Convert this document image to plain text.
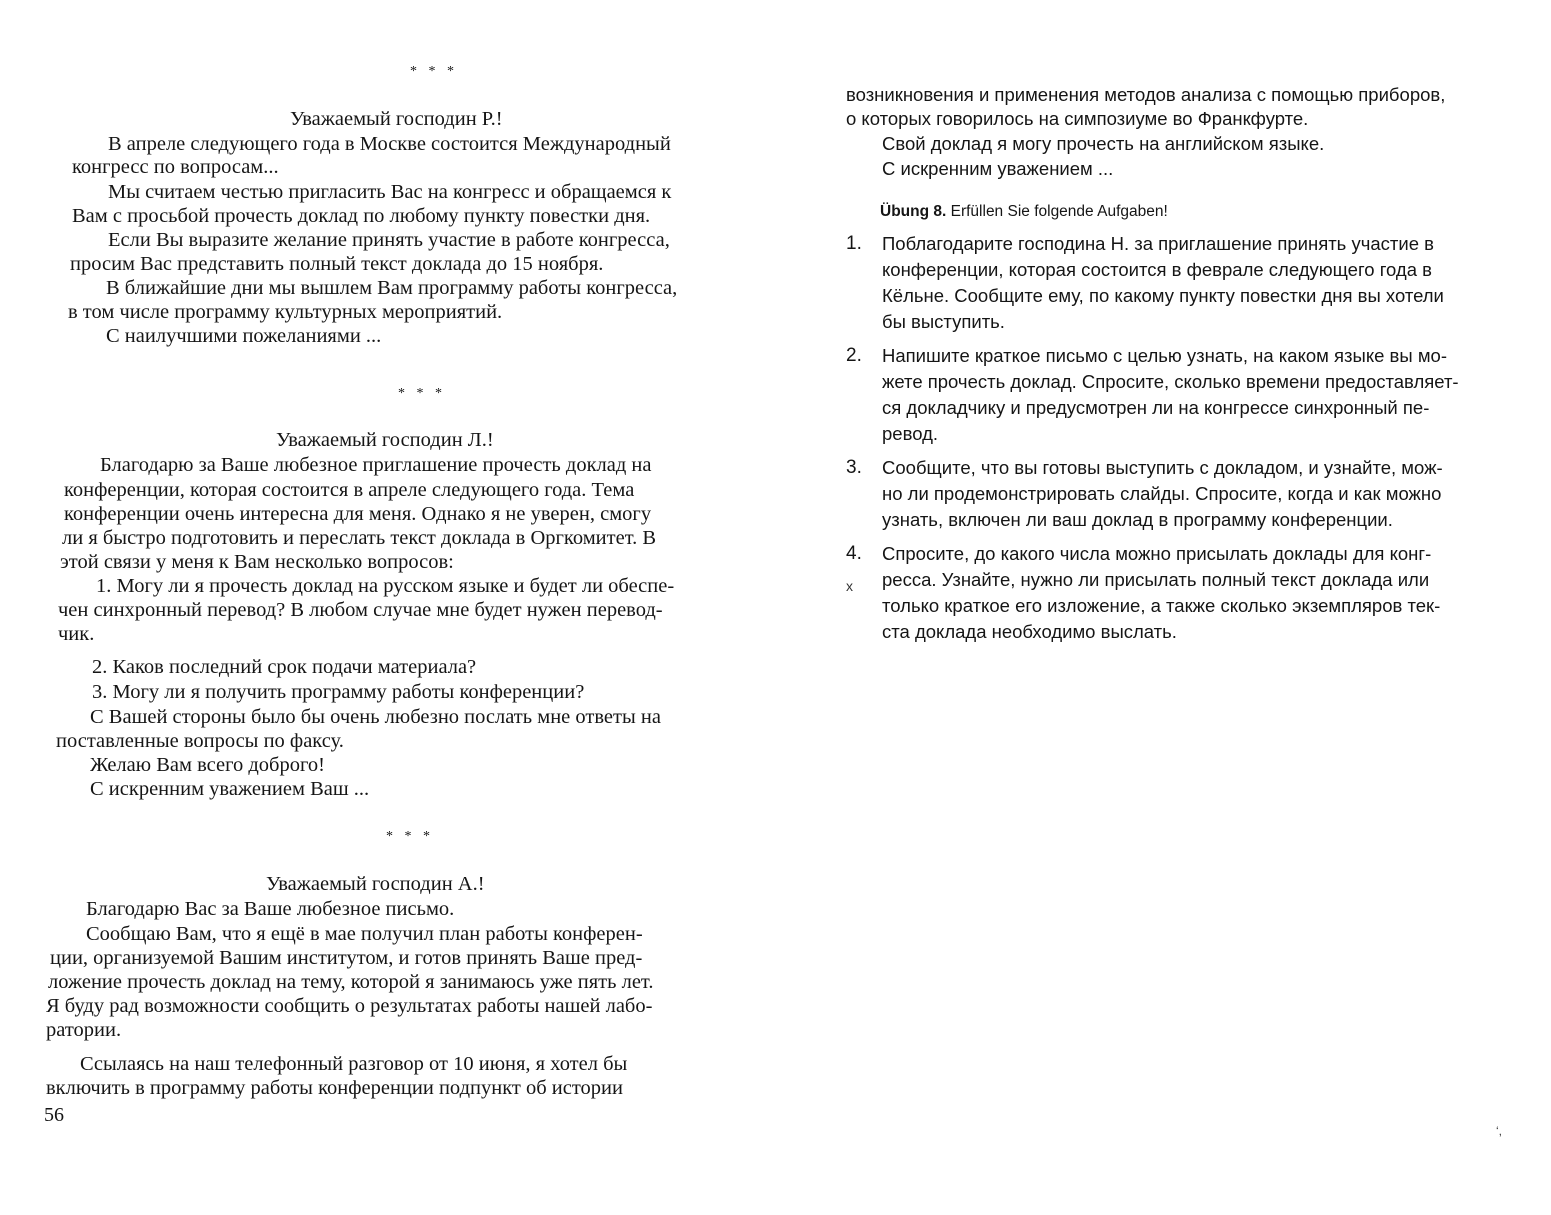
* * *
Уважаемый господин Р.!
В апреле следующего года в Москве состоится Международный
конгресс по вопросам...
Мы считаем честью пригласить Вас на конгресс и обращаемся к
Вам с просьбой прочесть доклад по любому пункту повестки дня.
Если Вы выразите желание принять участие в работе конгресса,
просим Вас представить полный текст доклада до 15 ноября.
В ближайшие дни мы вышлем Вам программу работы конгресса,
в том числе программу культурных мероприятий.
С наилучшими пожеланиями ...
* * *
Уважаемый господин Л.!
Благодарю за Ваше любезное приглашение прочесть доклад на
конференции, которая состоится в апреле следующего года. Тема
конференции очень интересна для меня. Однако я не уверен, смогу
ли я быстро подготовить и переслать текст доклада в Оргкомитет. В
этой связи у меня к Вам несколько вопросов:
1. Могу ли я прочесть доклад на русском языке и будет ли обеспе-
чен синхронный перевод? В любом случае мне будет нужен перевод-
чик.
2. Каков последний срок подачи материала?
3. Могу ли я получить программу работы конференции?
С Вашей стороны было бы очень любезно послать мне ответы на
поставленные вопросы по факсу.
Желаю Вам всего доброго!
С искренним уважением Ваш ...
* * *
Уважаемый господин А.!
Благодарю Вас за Ваше любезное письмо.
Сообщаю Вам, что я ещё в мае получил план работы конферен-
ции, организуемой Вашим институтом, и готов принять Ваше пред-
ложение прочесть доклад на тему, которой я занимаюсь уже пять лет.
Я буду рад возможности сообщить о результатах работы нашей лабо-
ратории.
Ссылаясь на наш телефонный разговор от 10 июня, я хотел бы
включить в программу работы конференции подпункт об истории
56
возникновения и применения методов анализа с помощью приборов,
о которых говорилось на симпозиуме во Франкфурте.
Свой доклад я могу прочесть на английском языке.
С искренним уважением ...
Übung 8. Erfüllen Sie folgende Aufgaben!
1. Поблагодарите господина Н. за приглашение принять участие в
конференции, которая состоится в феврале следующего года в
Кёльне. Сообщите ему, по какому пункту повестки дня вы хотели
бы выступить.
2. Напишите краткое письмо с целью узнать, на каком языке вы мо-
жете прочесть доклад. Спросите, сколько времени предоставляет-
ся докладчику и предусмотрен ли на конгрессе синхронный пе-
ревод.
3. Сообщите, что вы готовы выступить с докладом, и узнайте, мож-
но ли продемонстрировать слайды. Спросите, когда и как можно
узнать, включен ли ваш доклад в программу конференции.
4. Спросите, до какого числа можно присылать доклады для конг-
ресса. Узнайте, нужно ли присылать полный текст доклада или
только краткое его изложение, а также сколько экземпляров тек-
ста доклада необходимо выслать.
x
‘,
